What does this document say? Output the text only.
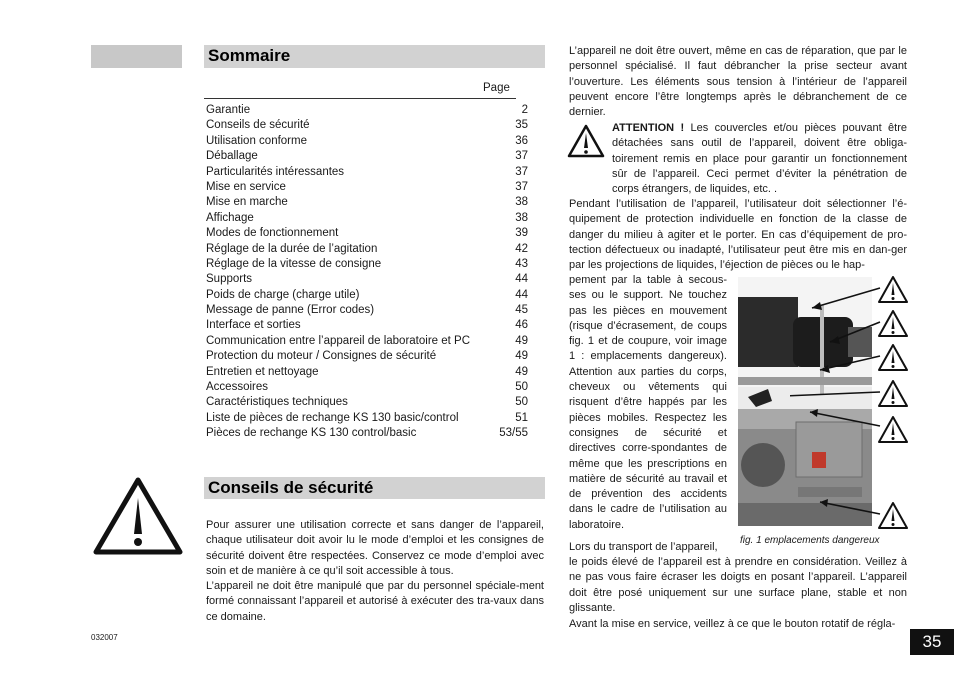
Sommaire
Page
Garantie	2
Conseils de sécurité	35
Utilisation conforme	36
Déballage	37
Particularités intéressantes	37
Mise en service	37
Mise en marche	38
Affichage	38
Modes de fonctionnement	39
Réglage de la durée de l’agitation	42
Réglage de la vitesse de consigne	43
Supports	44
Poids de charge (charge utile)	44
Message de panne (Error codes)	45
Interface et sorties	46
Communication entre l’appareil de laboratoire et PC	49
Protection du moteur / Consignes de sécurité	49
Entretien et nettoyage	49
Accessoires	50
Caractéristiques techniques	50
Liste de pièces de rechange KS 130 basic/control	51
Pièces de rechange KS 130 control/basic	53/55
Conseils de sécurité

Pour assurer une utilisation correcte et sans danger de l’appareil, chaque utilisateur doit avoir lu le mode d’emploi et les consignes de sécurité doivent être respectées. Conservez ce mode d’emploi avec soin et de manière à ce qu’il soit accessible à tous.

L’appareil ne doit être manipulé que par du personnel spéciale-ment formé connaissant l’appareil et autorisé à exécuter des tra-vaux dans ce domaine.

032007
L’appareil ne doit être ouvert, même en cas de réparation, que par le personnel spécialisé. Il faut débrancher la prise secteur avant l’ouverture. Les éléments sous tension à l’intérieur de l’appareil peuvent encore l’être longtemps après le débranchement de ce dernier.

ATTENTION ! Les couvercles et/ou pièces pouvant être détachées sans outil de l’appareil, doivent être obliga-toirement remis en place pour garantir un fonctionnement sûr de l’appareil. Ceci permet d’éviter la pénétration de corps étrangers, de liquides, etc. .

Pendant l’utilisation de l’appareil, l’utilisateur doit sélectionner l’é-quipement de protection individuelle en fonction de la classe de danger du milieu à agiter et le porter. En cas d’équipement de pro-tection défectueux ou inadapté, l’utilisateur peut être mis en dan-ger par les projections de liquides, l’éjection de pièces ou le hap-
pement par la table à secous-ses ou le support. Ne touchez pas les pièces en mouvement (risque d’écrasement, de coups fig. 1 et de coupure, voir image 1 : emplacements dangereux). Attention aux parties du corps, cheveux ou vêtements qui risquent d’être happés par les pièces mobiles. Respectez les consignes de sécurité et directives corre-spondantes de même que les prescriptions en matière de sécurité au travail et de prévention des accidents dans le cadre de l’utilisation au laboratoire.
Lors du transport de l’appareil,
fig. 1 emplacements dangereux
le poids élevé de l’appareil est à prendre en considération. Veillez à ne pas vous faire écraser les doigts en posant l’appareil. L’appareil doit être posé uniquement sur une surface plane, stable et non glissante.
Avant la mise en service, veillez à ce que le bouton rotatif de régla-
35
